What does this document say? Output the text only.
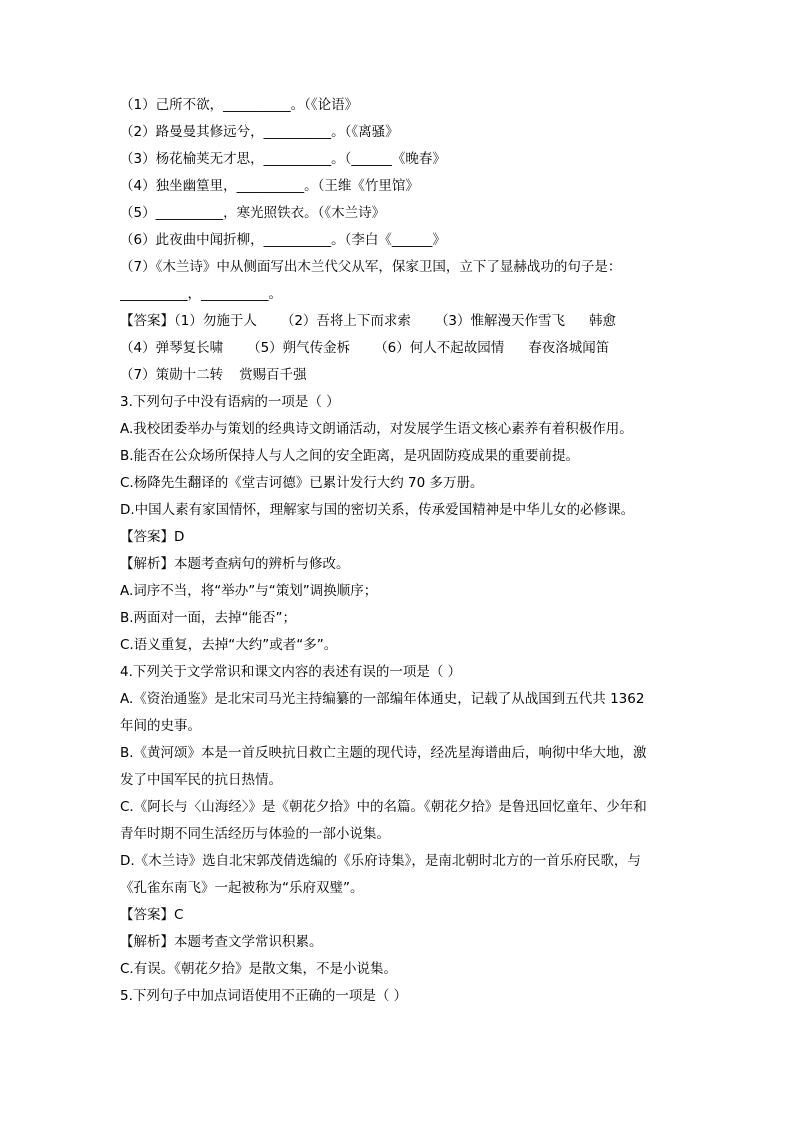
（1）己所不欲，__________。（《论语》
（2）路曼曼其修远兮，__________。（《离骚》
（3）杨花榆荚无才思，__________。（______《晚春》
（4）独坐幽篁里，__________。（王维《竹里馆》
（5）__________，寒光照铁衣。（《木兰诗》
（6）此夜曲中闻折柳，__________。（李白《______》
（7）《木兰诗》中从侧面写出木兰代父从军，保家卫国，立下了显赫战功的句子是：
__________，__________。
【答案】（1）勿施于人 （2）吾将上下而求索 （3）惟解漫天作雪飞 韩愈
（4）弹琴复长啸 （5）朔气传金柝 （6）何人不起故园情 春夜洛城闻笛
（7）策勋十二转 赏赐百千强
3.下列句子中没有语病的一项是（ ）
A.我校团委举办与策划的经典诗文朗诵活动，对发展学生语文核心素养有着积极作用。
B.能否在公众场所保持人与人之间的安全距离，是巩固防疫成果的重要前提。
C.杨降先生翻译的《堂吉诃德》已累计发行大约 70 多万册。
D.中国人素有家国情怀，理解家与国的密切关系，传承爱国精神是中华儿女的必修课。
【答案】D
【解析】本题考查病句的辨析与修改。
A.词序不当，将“举办”与“策划”调换顺序；
B.两面对一面，去掉“能否”；
C.语义重复，去掉“大约”或者“多”。
4.下列关于文学常识和课文内容的表述有误的一项是（ ）
A.《资治通鉴》是北宋司马光主持编纂的一部编年体通史，记载了从战国到五代共 1362
年间的史事。
B.《黄河颂》本是一首反映抗日救亡主题的现代诗，经冼星海谱曲后，响彻中华大地，激
发了中国军民的抗日热情。
C.《阿长与〈山海经〉》是《朝花夕拾》中的名篇。《朝花夕拾》是鲁迅回忆童年、少年和
青年时期不同生活经历与体验的一部小说集。
D.《木兰诗》选自北宋郭茂倩选编的《乐府诗集》，是南北朝时北方的一首乐府民歌，与
《孔雀东南飞》一起被称为“乐府双璧”。
【答案】C
【解析】本题考查文学常识积累。
C.有误。《朝花夕拾》是散文集，不是小说集。
5.下列句子中加点词语使用不正确的一项是（ ）
